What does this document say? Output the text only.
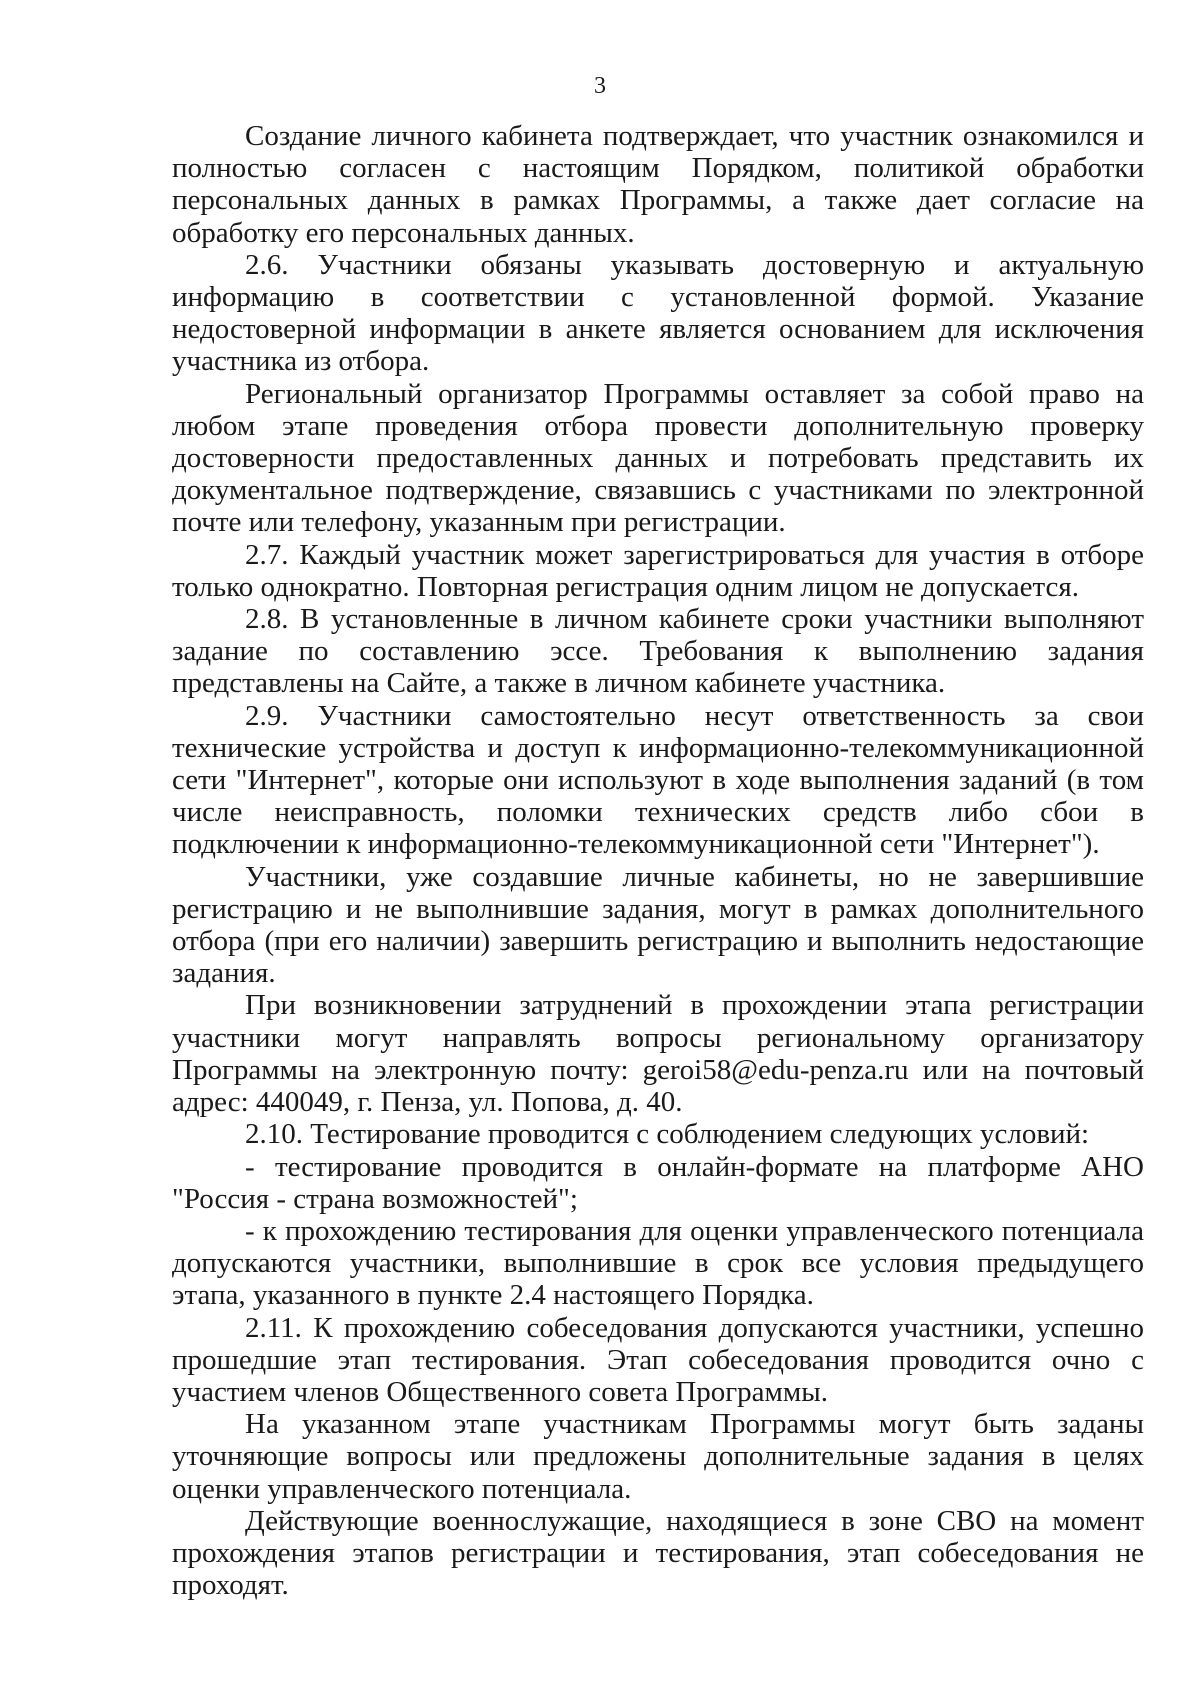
3

Создание личного кабинета подтверждает, что участник ознакомился и полностью согласен с настоящим Порядком, политикой обработки персональных данных в рамках Программы, а также дает согласие на обработку его персональных данных.

2.6. Участники обязаны указывать достоверную и актуальную информацию в соответствии с установленной формой. Указание недостоверной информации в анкете является основанием для исключения участника из отбора.

Региональный организатор Программы оставляет за собой право на любом этапе проведения отбора провести дополнительную проверку достоверности предоставленных данных и потребовать представить их документальное подтверждение, связавшись с участниками по электронной почте или телефону, указанным при регистрации.

2.7. Каждый участник может зарегистрироваться для участия в отборе только однократно. Повторная регистрация одним лицом не допускается.

2.8. В установленные в личном кабинете сроки участники выполняют задание по составлению эссе. Требования к выполнению задания представлены на Сайте, а также в личном кабинете участника.

2.9. Участники самостоятельно несут ответственность за свои технические устройства и доступ к информационно-телекоммуникационной сети "Интернет", которые они используют в ходе выполнения заданий (в том числе неисправность, поломки технических средств либо сбои в подключении к информационно-телекоммуникационной сети "Интернет").

Участники, уже создавшие личные кабинеты, но не завершившие регистрацию и не выполнившие задания, могут в рамках дополнительного отбора (при его наличии) завершить регистрацию и выполнить недостающие задания.

При возникновении затруднений в прохождении этапа регистрации участники могут направлять вопросы региональному организатору Программы на электронную почту: geroi58@edu-penza.ru или на почтовый адрес: 440049, г. Пенза, ул. Попова, д. 40.

2.10. Тестирование проводится с соблюдением следующих условий:

- тестирование проводится в онлайн-формате на платформе АНО "Россия - страна возможностей";

- к прохождению тестирования для оценки управленческого потенциала допускаются участники, выполнившие в срок все условия предыдущего этапа, указанного в пункте 2.4 настоящего Порядка.

2.11. К прохождению собеседования допускаются участники, успешно прошедшие этап тестирования. Этап собеседования проводится очно с участием членов Общественного совета Программы.

На указанном этапе участникам Программы могут быть заданы уточняющие вопросы или предложены дополнительные задания в целях оценки управленческого потенциала.

Действующие военнослужащие, находящиеся в зоне СВО на момент прохождения этапов регистрации и тестирования, этап собеседования не проходят.
